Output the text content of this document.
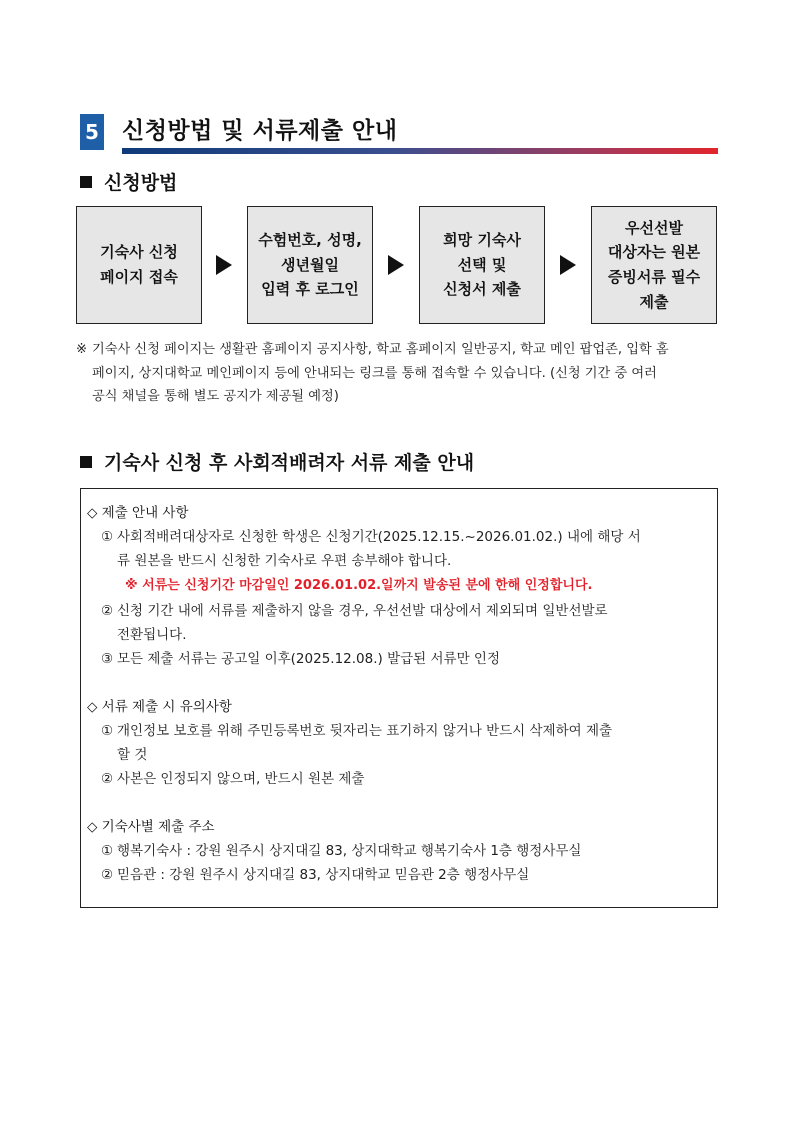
5 신청방법 및 서류제출 안내
신청방법
기숙사 신청
페이지 접속
수험번호, 성명,
생년월일
입력 후 로그인
희망 기숙사
선택 및
신청서 제출
우선선발
대상자는 원본
증빙서류 필수
제출
※ 기숙사 신청 페이지는 생활관 홈페이지 공지사항, 학교 홈페이지 일반공지, 학교 메인 팝업존, 입학 홈
페이지, 상지대학교 메인페이지 등에 안내되는 링크를 통해 접속할 수 있습니다. (신청 기간 중 여러
공식 채널을 통해 별도 공지가 제공될 예정)
기숙사 신청 후 사회적배려자 서류 제출 안내
◇ 제출 안내 사항
① 사회적배려대상자로 신청한 학생은 신청기간(2025.12.15.~2026.01.02.) 내에 해당 서
류 원본을 반드시 신청한 기숙사로 우편 송부해야 합니다.
※ 서류는 신청기간 마감일인 2026.01.02.일까지 발송된 분에 한해 인정합니다.
② 신청 기간 내에 서류를 제출하지 않을 경우, 우선선발 대상에서 제외되며 일반선발로
전환됩니다.
③ 모든 제출 서류는 공고일 이후(2025.12.08.) 발급된 서류만 인정
◇ 서류 제출 시 유의사항
① 개인정보 보호를 위해 주민등록번호 뒷자리는 표기하지 않거나 반드시 삭제하여 제출
할 것
② 사본은 인정되지 않으며, 반드시 원본 제출
◇ 기숙사별 제출 주소
① 행복기숙사 : 강원 원주시 상지대길 83, 상지대학교 행복기숙사 1층 행정사무실
② 믿음관 : 강원 원주시 상지대길 83, 상지대학교 믿음관 2층 행정사무실
